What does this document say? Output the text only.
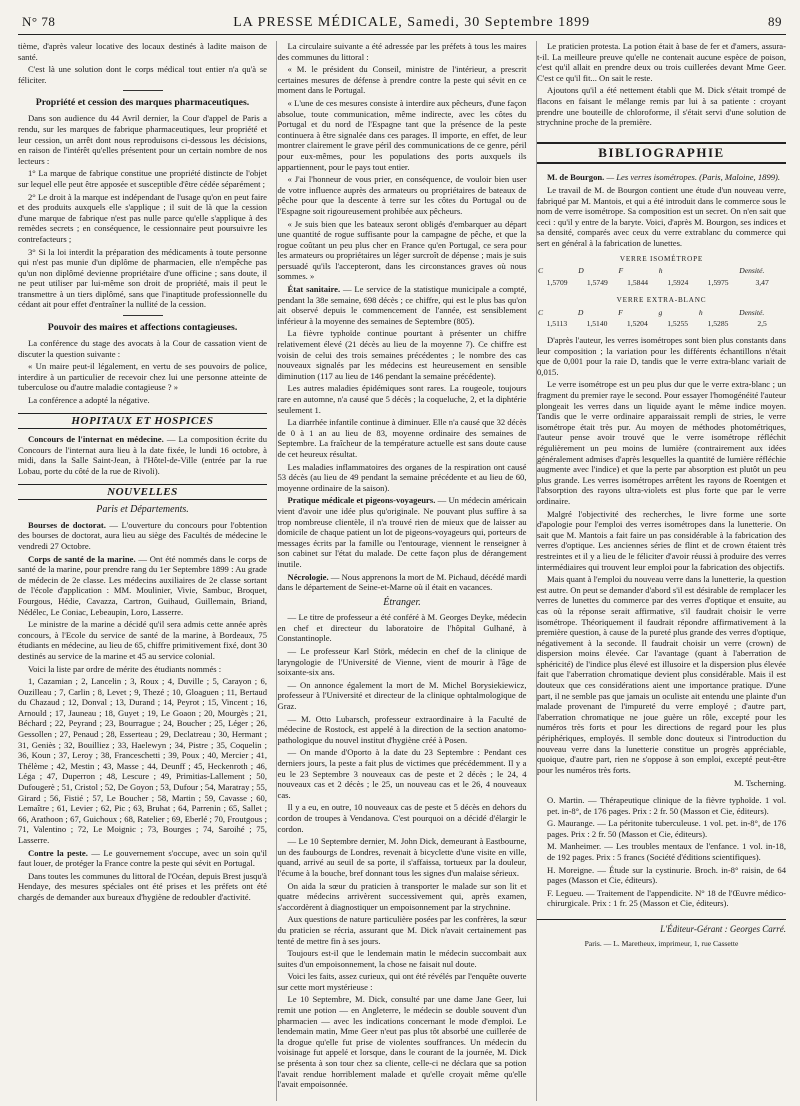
N° 78	LA PRESSE MÉDICALE, Samedi, 30 Septembre 1899	89

tième, d'après valeur locative des locaux destinés à ladite maison de santé.

C'est là une solution dont le corps médical tout entier n'a qu'à se féliciter.

Propriété et cession des marques pharmaceutiques.

Dans son audience du 44 Avril dernier, la Cour d'appel de Paris a rendu, sur les marques de fabrique pharmaceutiques, leur propriété et leur cession, un arrêt dont nous reproduisons ci-dessous les décisions, en raison de l'intérêt qu'elles présentent pour un certain nombre de nos lecteurs :

1° La marque de fabrique constitue une propriété distincte de l'objet sur lequel elle peut être apposée et susceptible d'être cédée séparément ;

2° Le droit à la marque est indépendant de l'usage qu'on en peut faire et des produits auxquels elle s'applique ; il suit de là que la cession d'une marque de fabrique n'est pas nulle parce qu'elle s'applique à des remèdes secrets ; en conséquence, le cessionnaire peut poursuivre les contrefacteurs ;

3° Si la loi interdit la préparation des médicaments à toute personne qui n'est pas munie d'un diplôme de pharmacien, elle n'empêche pas qu'un non diplômé devienne propriétaire d'une officine ; sans doute, il ne peut utiliser par lui-même son droit de propriété, mais il peut le transmettre à un tiers diplômé, sans que l'inaptitude professionnelle du cédant ait pour effet d'entraîner la nullité de la cession.

Pouvoir des maires et affections contagieuses.

La conférence du stage des avocats à la Cour de cassation vient de discuter la question suivante :

« Un maire peut-il légalement, en vertu de ses pouvoirs de police, interdire à un particulier de recevoir chez lui une personne atteinte de tuberculose ou d'autre maladie contagieuse ? »

La conférence a adopté la négative.

HOPITAUX ET HOSPICES

Concours de l'internat en médecine. — La composition écrite du Concours de l'internat aura lieu à la date fixée, le lundi 16 octobre, à midi, dans la Salle Saint-Jean, à l'Hôtel-de-Ville (entrée par la rue Lobau, porte du côté de la rue de Rivoli).

NOUVELLES
Paris et Départements.

Bourses de doctorat. — L'ouverture du concours pour l'obtention des bourses de doctorat, aura lieu au siège des Facultés de médecine le vendredi 27 Octobre.

Corps de santé de la marine. — Ont été nommés dans le corps de santé de la marine, pour prendre rang du 1er Septembre 1899 : Au grade de médecin de 2e classe. Les médecins auxiliaires de 2e classe sortant de l'école d'application : MM. Moulinier, Vivie, Sambuc, Broquet, Fourgous, Hédie, Cavazza, Cartron, Guihaud, Guillemain, Briand, Nédélec, Le Coniac, Lebeaupin, Loro, Lasserre.

Le ministre de la marine a décidé qu'il sera admis cette année après concours, à l'Ecole du service de santé de la marine, à Bordeaux, 75 étudiants en médecine, au lieu de 65, chiffre primitivement fixé, dont 30 destinés au service de la marine et 45 au service colonial.

Voici la liste par ordre de mérite des étudiants nommés :

1, Cazamian ; 2, Lancelin ; 3, Roux ; 4, Duville ; 5, Carayon ; 6, Ouzilleau ; 7, Carlin ; 8, Levet ; 9, Thezé ; 10, Gloaguen ; 11, Bertaud du Chazaud ; 12, Donval ; 13, Durand ; 14, Peyrot ; 15, Vincent ; 16, Arnould ; 17, Jauneau ; 18, Guyet ; 19, Le Goaon ; 20, Mourgès ; 21, Béchard ; 22, Peyrand ; 23, Bourrague ; 24, Boucher ; 25, Léger ; 26, Gessollen ; 27, Penaud ; 28, Esserteau ; 29, Declatreau ; 30, Hermant ; 31, Geniès ; 32, Bouilliez ; 33, Haelewyn ; 34, Pistre ; 35, Coquelin ; 36, Koun ; 37, Leroy ; 38, Franceschetti ; 39, Poux ; 40, Mercier ; 41, Thélème ; 42, Mestin ; 43, Masse ; 44, Deunff ; 45, Heckenroth ; 46, Léga ; 47, Duperron ; 48, Lescure ; 49, Primitias-Lallement ; 50, Dufougerè ; 51, Cristol ; 52, De Goyon ; 53, Dufour ; 54, Maratray ; 55, Girard ; 56, Fistié ; 57, Le Boucher ; 58, Martin ; 59, Cavasse ; 60, Lemaître ; 61, Levier ; 62, Pic ; 63, Bruhat ; 64, Parrenin ; 65, Sallet ; 66, Arathoon ; 67, Guichoux ; 68, Ratelier ; 69, Eberlé ; 70, Froutgous ; 71, Valentino ; 72, Le Moignic ; 73, Bourges ; 74, Saroihé ; 75, Lasserre.

Contre la peste. — Le gouvernement s'occupe, avec un soin qu'il faut louer, de protéger la France contre la peste qui sévit en Portugal.

Dans toutes les communes du littoral de l'Océan, depuis Brest jusqu'à Hendaye, des mesures spéciales ont été prises et les préfets ont été chargés de demander aux bureaux d'hygiène de redoubler d'activité.

La circulaire suivante a été adressée par les préfets à tous les maires des communes du littoral :

« M. le président du Conseil, ministre de l'intérieur, a prescrit certaines mesures de défense à prendre contre la peste qui sévit en ce moment dans le Portugal.

« L'une de ces mesures consiste à interdire aux pêcheurs, d'une façon absolue, toute communication, même indirecte, avec les côtes du Portugal et du nord de l'Espagne tant que la présence de la peste continuera à être signalée dans ces parages. Il importe, en effet, de leur montrer clairement le grave péril des communications de ce genre, péril pour eux-mêmes, pour les populations des ports auxquels ils appartiennent, pour le pays tout entier.

« J'ai l'honneur de vous prier, en conséquence, de vouloir bien user de votre influence auprès des armateurs ou propriétaires de bateaux de pêche pour que la descente à terre sur les côtes du Portugal ou de l'Espagne soit rigoureusement prohibée aux pêcheurs.

« Je suis bien que les bateaux seront obligés d'embarquer au départ une quantité de rogue suffisante pour la campagne de pêche, et que la rogue coûtant un peu plus cher en France qu'en Portugal, ce sera pour les armateurs ou propriétaires un léger surcroît de dépense ; mais je suis persuadé qu'ils l'accepteront, dans les circonstances graves où nous sommes. »

État sanitaire. — Le service de la statistique municipale a compté, pendant la 38e semaine, 698 décès ; ce chiffre, qui est le plus bas qu'on ait observé depuis le commencement de l'année, est sensiblement inférieur à la moyenne des semaines de Septembre (805).

La fièvre typhoïde continue pourtant à présenter un chiffre relativement élevé (21 décès au lieu de la moyenne 7). Ce chiffre est voisin de celui des trois semaines précédentes ; le nombre des cas nouveaux signalés par les médecins est heureusement en sensible diminution (117 au lieu de 146 pendant la semaine précédente).

Les autres maladies épidémiques sont rares. La rougeole, toujours rare en automne, n'a causé que 5 décès ; la coqueluche, 2, et la diphtérie seulement 1.

La diarrhée infantile continue à diminuer. Elle n'a causé que 32 décès de 0 à 1 an au lieu de 83, moyenne ordinaire des semaines de Septembre. La fraîcheur de la température actuelle est sans doute cause de cet heureux résultat.

Les maladies inflammatoires des organes de la respiration ont causé 53 décès (au lieu de 49 pendant la semaine précédente et au lieu de 60, moyenne ordinaire de la saison).

Pratique médicale et pigeons-voyageurs. — Un médecin américain vient d'avoir une idée plus qu'originale. Ne pouvant plus suffire à sa trop nombreuse clientèle, il n'a trouvé rien de mieux que de laisser au domicile de chaque patient un lot de pigeons-voyageurs qui, porteurs de messages écrits par la famille ou l'entourage, viennent le renseigner à son cabinet sur l'état du malade. De cette façon plus de dérangement inutile.

Nécrologie. — Nous apprenons la mort de M. Pichaud, décédé mardi dans le département de Seine-et-Marne où il était en vacances.

Étranger.

— Le titre de professeur a été conféré à M. Georges Deyke, médecin en chef et directeur du laboratoire de l'hôpital Gulhané, à Constantinople.

— Le professeur Karl Störk, médecin en chef de la clinique de laryngologie de l'Université de Vienne, vient de mourir à l'âge de soixante-six ans.

— On annonce également la mort de M. Michel Borysiekiewicz, professeur à l'Université et directeur de la clinique ophtalmologique de Graz.

— M. Otto Lubarsch, professeur extraordinaire à la Faculté de médecine de Rostock, est appelé à la direction de la section anatomo-pathologique du nouvel institut d'hygiène créé à Posen.

— On mande d'Oporto à la date du 23 Septembre : Pendant ces derniers jours, la peste a fait plus de victimes que précédemment. Il y a eu le 23 Septembre 3 nouveaux cas de peste et 2 décès ; le 24, 4 nouveaux cas et 2 décès ; le 25, un nouveau cas et le 26, 4 nouveaux cas.

Il y a eu, en outre, 10 nouveaux cas de peste et 5 décès en dehors du cordon de troupes à Vendanova. C'est pourquoi on a décidé d'élargir le cordon.

— Le 10 Septembre dernier, M. John Dick, demeurant à Eastbourne, un des faubourgs de Londres, revenait à bicyclette d'une visite en ville, quand, arrivé au seuil de sa porte, il s'affaissa, tortueux par la douleur, l'écume à la bouche, bref donnant tous les signes d'un malaise sérieux.

On aida la sœur du praticien à transporter le malade sur son lit et quatre médecins arrivèrent successivement qui, après examen, s'accordèrent à diagnostiquer un empoisonnement par la strychnine.

Aux questions de nature particulière posées par les confrères, la sœur du praticien se récria, assurant que M. Dick n'avait certainement pas tenté de mettre fin à ses jours.

Toujours est-il que le lendemain matin le médecin succombait aux suites d'un empoisonnement, la chose ne faisait nul doute.

Voici les faits, assez curieux, qui ont été révélés par l'enquête ouverte sur cette mort mystérieuse :

Le 10 Septembre, M. Dick, consulté par une dame Jane Geer, lui remit une potion — en Angleterre, le médecin se double souvent d'un pharmacien — avec les indications concernant le mode d'emploi. Le lendemain matin, Mme Geer n'eut pas plus tôt absorbé une cuillerée de la drogue qu'elle fut prise de violentes souffrances. Un médecin du voisinage fut appelé et lorsque, dans le courant de la journée, M. Dick se présenta à son tour chez sa cliente, celle-ci ne déclara que sa potion l'avait rendue horriblement malade et qu'elle croyait même qu'elle l'avait empoisonnée.

Le praticien protesta. La potion était à base de fer et d'amers, assura-t-il. La meilleure preuve qu'elle ne contenait aucune espèce de poison, c'est qu'il allait en prendre deux ou trois cuillerées devant Mme Geer. C'est ce qu'il fit... On sait le reste.

Ajoutons qu'il a été nettement établi que M. Dick s'était trompé de flacons en faisant le mélange remis par lui à sa patiente : croyant prendre une bouteille de chloroforme, il s'était servi d'une solution de strychnine proche de la première.

BIBLIOGRAPHIE

M. de Bourgon. — Les verres isométropes. (Paris, Maloine, 1899).

Le travail de M. de Bourgon contient une étude d'un nouveau verre, fabriqué par M. Mantois, et qui a été introduit dans le commerce sous le nom de verre isométrope. Sa composition est un secret. On n'en sait que ceci : qu'il y entre de la baryte. Voici, d'après M. Bourgon, ses indices et sa densité, comparés avec ceux du verre extrablanc du commerce qui sert en général à la fabrication de lunettes.

VERRE ISOMÉTROPE
C	D	F	h		Densité.
1,5709	1,5749	1,5844	1,5924	1,5975	3,47
VERRE EXTRA-BLANC
C	D	F	g	h	Densité.
1,5113	1,5140	1,5204	1,5255	1,5285	2,5

D'après l'auteur, les verres isométropes sont bien plus constants dans leur composition ; la variation pour les différents échantillons n'était que de 0,001 pour la raie D, tandis que le verre extra-blanc variait de 0,015.

Le verre isométrope est un peu plus dur que le verre extra-blanc ; un fragment du premier raye le second. Pour essayer l'homogénéité l'auteur plongeait les verres dans un liquide ayant le même indice moyen. Tandis que le verre ordinaire apparaissait rempli de stries, le verre isométrope était très pur. Au moyen de méthodes photométriques, l'auteur pense avoir trouvé que le verre isométrope réfléchit régulièrement un peu moins de lumière (contrairement aux idées généralement admises d'après lesquelles la quantité de lumière réfléchie augmente avec l'indice) et que la perte par absorption est plutôt un peu plus grande. Les verres isométropes arrêtent les rayons de Roentgen et l'absorption des rayons ultra-violets est plus forte que par le verre ordinaire.

Malgré l'objectivité des recherches, le livre forme une sorte d'apologie pour l'emploi des verres isométropes dans la lunetterie. On sait que M. Mantois a fait faire un pas considérable à la fabrication des verres d'optique. Les anciennes séries de flint et de crown étaient très restreintes et il y a lieu de le féliciter d'avoir réussi à produire des verres intermédiaires qui trouvent leur emploi pour la fabrication des objectifs.

Mais quant à l'emploi du nouveau verre dans la lunetterie, la question est autre. On peut se demander d'abord s'il est désirable de remplacer les verres de lunettes du commerce par des verres d'optique et ensuite, au cas où la réponse serait affirmative, s'il faudrait choisir le verre isométrope. Théoriquement il faudrait répondre affirmativement à la première question, à cause de la pureté plus grande des verres d'optique, négativement à la seconde. Il faudrait choisir un verre (crown) de dispersion moins élevée. Car l'avantage (quant à l'aberration de sphéricité) de l'indice plus élevé est illusoire et la dispersion plus élevée fait que l'aberration chromatique devient plus considérable. Mais il est douteux que ces considérations aient une importance pratique. D'une part, il ne semble pas que jamais un oculiste ait entendu une plainte d'un malade provenant de l'impureté du verre employé ; d'autre part, l'aberration chromatique ne joue guère un rôle, excepté pour les numéros très forts et pour les directions de regard pour les plus périphériques, employés. Il semble donc douteux si l'introduction du nouveau verre dans la lunetterie constitue un progrès appréciable, quoique, d'autre part, rien ne s'oppose à son emploi, excepté peut-être pour les numéros très forts.

M. Tscherning.

O. Martin. — Thérapeutique clinique de la fièvre typhoïde. 1 vol. pet. in-8°, de 176 pages. Prix : 2 fr. 50 (Masson et Cie, éditeurs).

G. Maurange. — La péritonite tuberculeuse. 1 vol. pet. in-8°, de 176 pages. Prix : 2 fr. 50 (Masson et Cie, éditeurs).

M. Manheimer. — Les troubles mentaux de l'enfance. 1 vol. in-18, de 192 pages. Prix : 5 francs (Société d'éditions scientifiques).

H. Moreigne. — Étude sur la cystinurie. Broch. in-8° raisin, de 64 pages (Masson et Cie, éditeurs).

F. Legueu. — Traitement de l'appendicite. N° 18 de l'Œuvre médico-chirurgicale. Prix : 1 fr. 25 (Masson et Cie, éditeurs).

L'Éditeur-Gérant : Georges Carré.
Paris. — L. Maretheux, imprimeur, 1, rue Cassette
